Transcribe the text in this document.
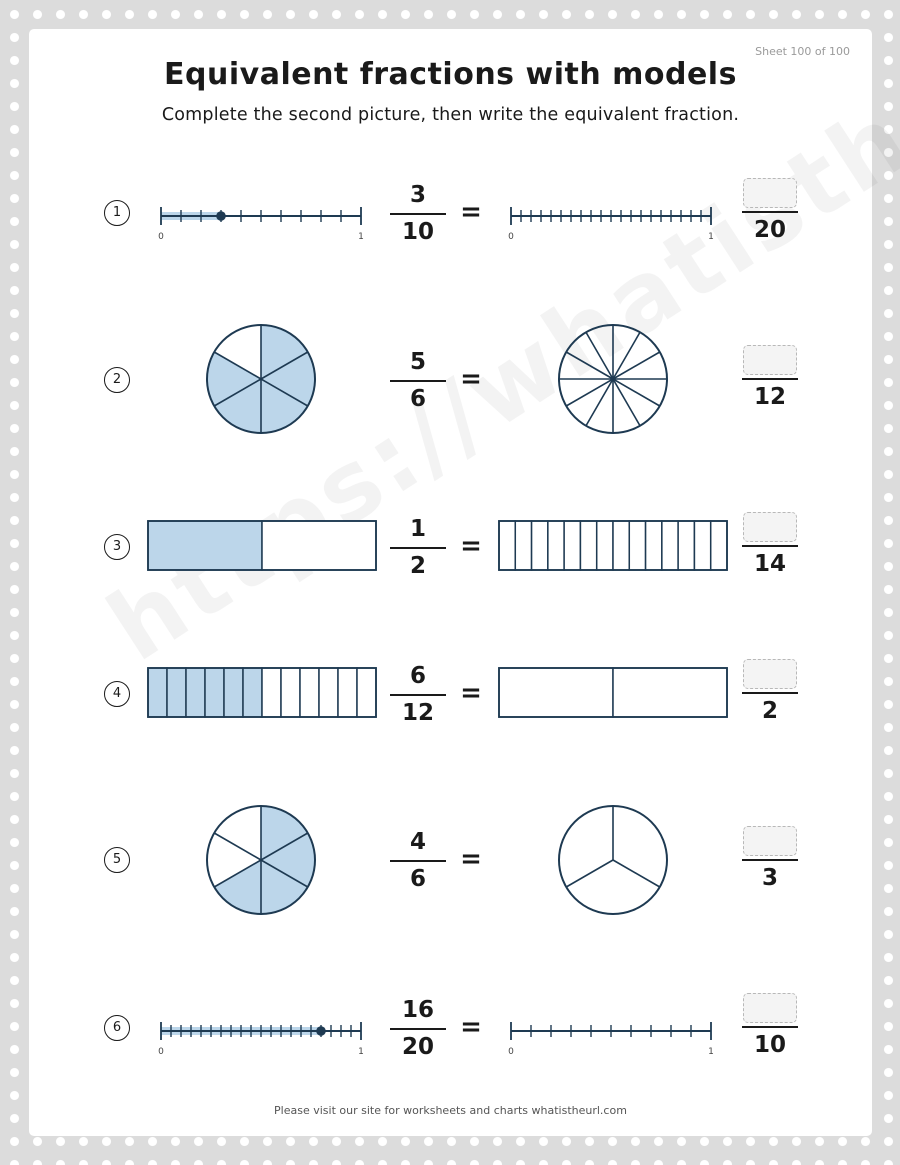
Sheet 100 of 100
Equivalent fractions with models
Complete the second picture, then write the equivalent fraction.
Please visit our site for worksheets and charts whatistheurl.com
1
0	1
3
10
=
0	1	20
2
5
6
=
12
3
1
2
=
14
4
6
12
=
2
5
4
6
=
3
6
0	1
16
20
=
0	1	10
